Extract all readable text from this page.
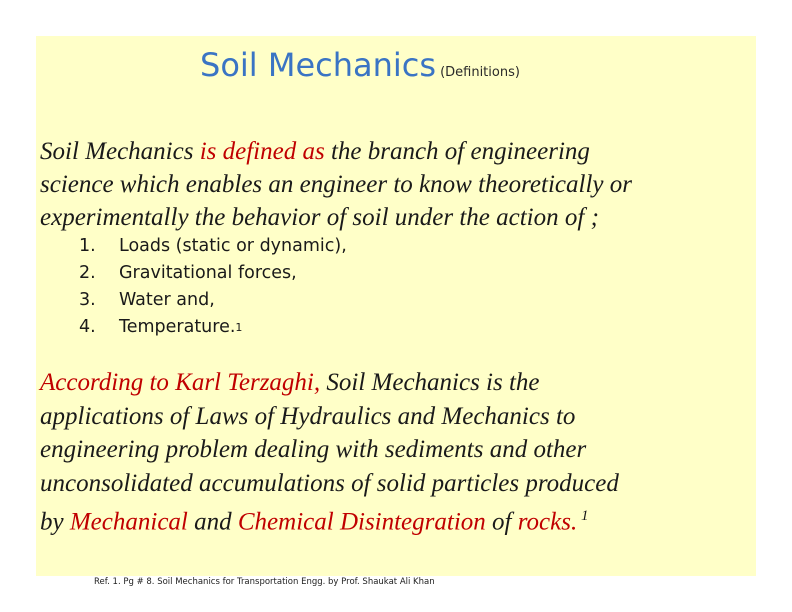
Soil Mechanics (Definitions)
Soil Mechanics is defined as the branch of engineering
science which enables an engineer to know theoretically or
experimentally the behavior of soil under the action of ;
1.	Loads (static or dynamic),
2.	Gravitational forces,
3.	Water and,
4.	Temperature. 1
According to Karl Terzaghi, Soil Mechanics is the
applications of Laws of Hydraulics and Mechanics to
engineering problem dealing with sediments and other
unconsolidated accumulations of solid particles produced
by Mechanical and Chemical Disintegration of rocks. $^1$
Ref. 1. Pg # 8. Soil Mechanics for Transportation Engg. by Prof. Shaukat Ali Khan
